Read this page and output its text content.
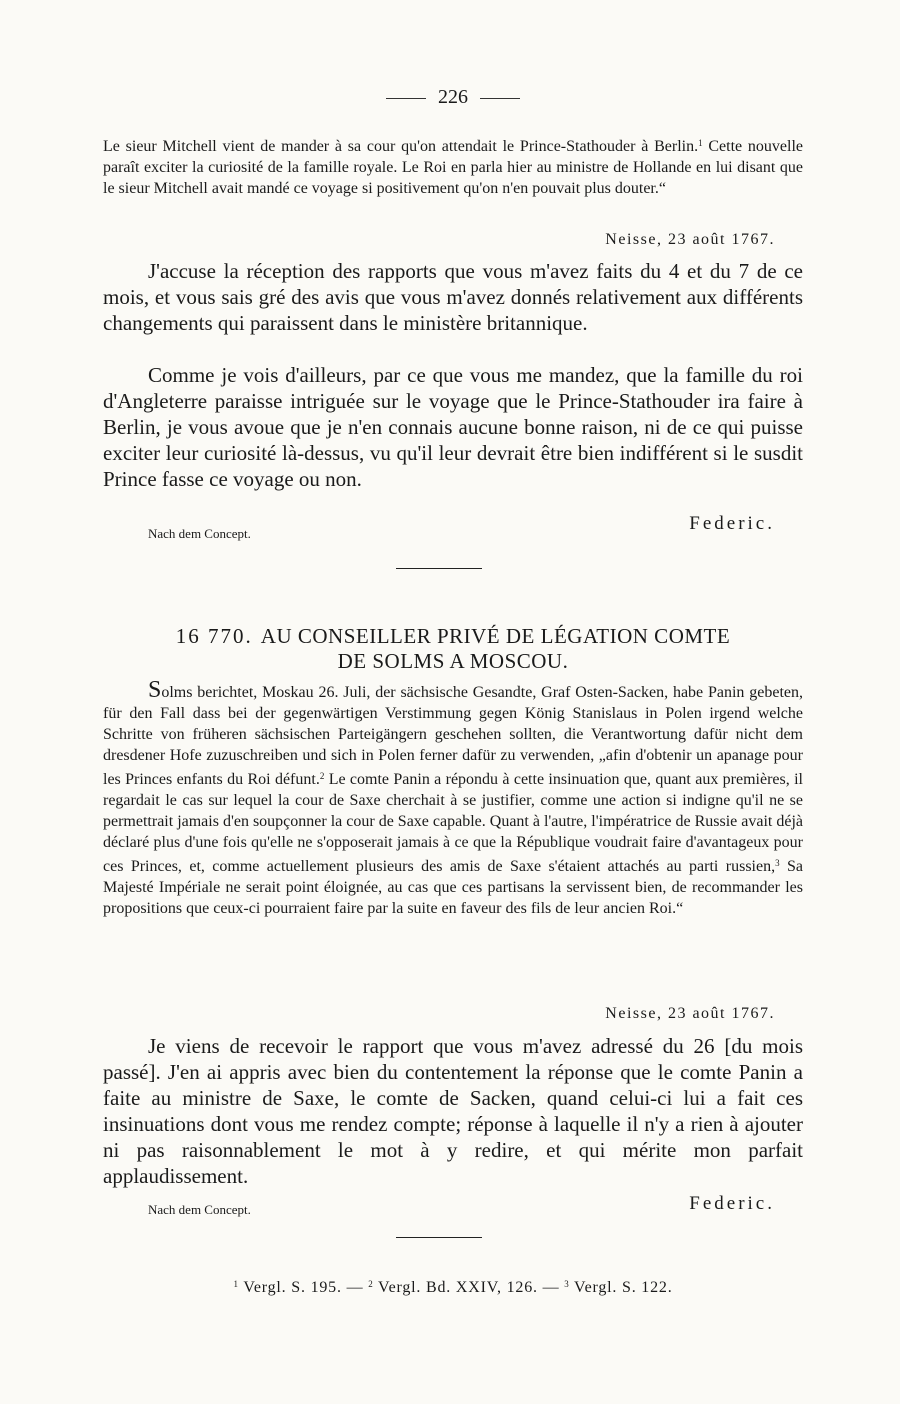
226

Le sieur Mitchell vient de mander à sa cour qu'on attendait le Prince-Stathouder à Berlin.$^1$ Cette nouvelle paraît exciter la curiosité de la famille royale. Le Roi en parla hier au ministre de Hollande en lui disant que le sieur Mitchell avait mandé ce voyage si positivement qu'on n'en pouvait plus douter.“

Neisse, 23 août 1767.

J'accuse la réception des rapports que vous m'avez faits du 4 et du 7 de ce mois, et vous sais gré des avis que vous m'avez donnés relativement aux différents changements qui paraissent dans le ministère britannique.

Comme je vois d'ailleurs, par ce que vous me mandez, que la famille du roi d'Angleterre paraisse intriguée sur le voyage que le Prince-Stathouder ira faire à Berlin, je vous avoue que je n'en connais aucune bonne raison, ni de ce qui puisse exciter leur curiosité là-dessus, vu qu'il leur devrait être bien indifférent si le susdit Prince fasse ce voyage ou non.

Nach dem Concept.	Federic.
16 770. AU CONSEILLER PRIVÉ DE LÉGATION COMTE
DE SOLMS A MOSCOU.

Solms berichtet, Moskau 26. Juli, der sächsische Gesandte, Graf Osten-Sacken, habe Panin gebeten, für den Fall dass bei der gegenwärtigen Verstimmung gegen König Stanislaus in Polen irgend welche Schritte von früheren sächsischen Parteigängern geschehen sollten, die Verantwortung dafür nicht dem dresdener Hofe zuzuschreiben und sich in Polen ferner dafür zu verwenden, „afin d'obtenir un apanage pour les Princes enfants du Roi défunt.$^2$ Le comte Panin a répondu à cette insinuation que, quant aux premières, il regardait le cas sur lequel la cour de Saxe cherchait à se justifier, comme une action si indigne qu'il ne se permettrait jamais d'en soupçonner la cour de Saxe capable. Quant à l'autre, l'impératrice de Russie avait déjà déclaré plus d'une fois qu'elle ne s'opposerait jamais à ce que la République voudrait faire d'avantageux pour ces Princes, et, comme actuellement plusieurs des amis de Saxe s'étaient attachés au parti russien,$^3$ Sa Majesté Impériale ne serait point éloignée, au cas que ces partisans la servissent bien, de recommander les propositions que ceux-ci pourraient faire par la suite en faveur des fils de leur ancien Roi.“

Neisse, 23 août 1767.

Je viens de recevoir le rapport que vous m'avez adressé du 26 [du mois passé]. J'en ai appris avec bien du contentement la réponse que le comte Panin a faite au ministre de Saxe, le comte de Sacken, quand celui-ci lui a fait ces insinuations dont vous me rendez compte; réponse à laquelle il n'y a rien à ajouter ni pas raisonnablement le mot à y redire, et qui mérite mon parfait applaudissement.

Nach dem Concept.	Federic.
$^1$ Vergl. S. 195. — $^2$ Vergl. Bd. XXIV, 126. — $^3$ Vergl. S. 122.
